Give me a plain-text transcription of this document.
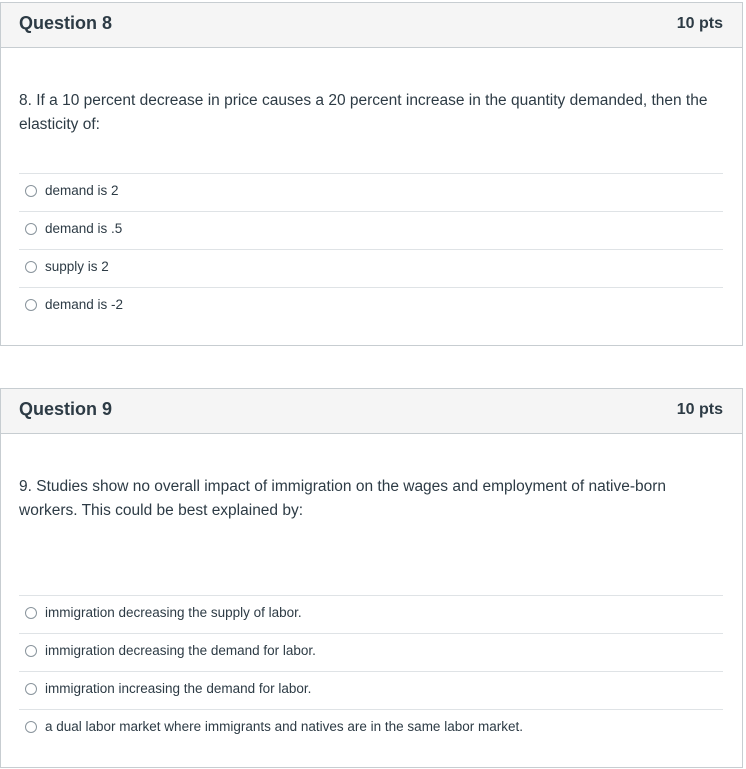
Question 8	10 pts
8. If a 10 percent decrease in price causes a 20 percent increase in the quantity demanded, then the elasticity of:
demand is 2
demand is .5
supply is 2
demand is -2
Question 9	10 pts
9. Studies show no overall impact of immigration on the wages and employment of native-born workers. This could be best explained by:
immigration decreasing the supply of labor.
immigration decreasing the demand for labor.
immigration increasing the demand for labor.
a dual labor market where immigrants and natives are in the same labor market.
